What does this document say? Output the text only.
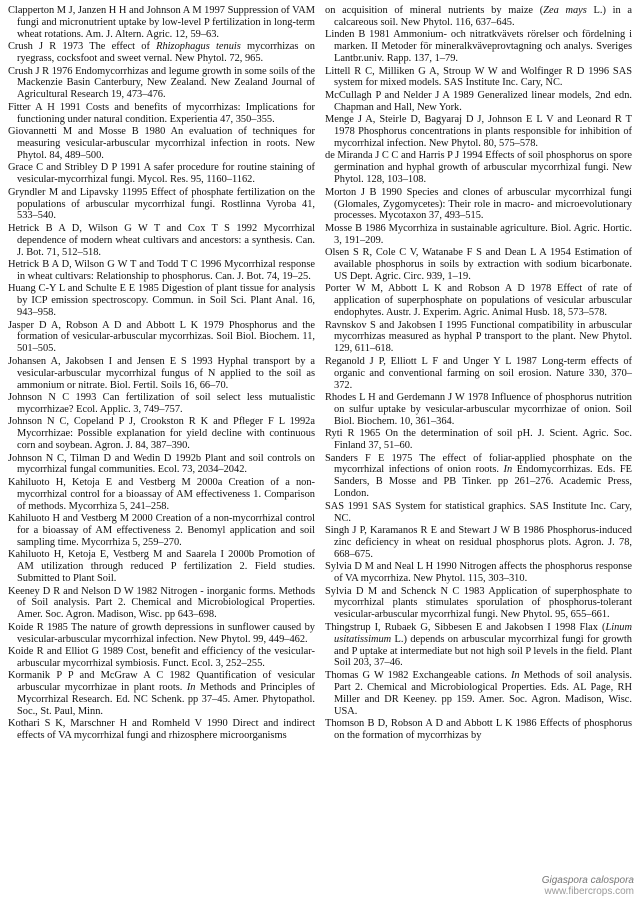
Clapperton M J, Janzen H H and Johnson A M 1997 Suppression of VAM fungi and micronutrient uptake by low-level P fertilization in long-term wheat rotations. Am. J. Altern. Agric. 12, 59–63.
Crush J R 1973 The effect of Rhizophagus tenuis mycorrhizas on ryegrass, cocksfoot and sweet vernal. New Phytol. 72, 965.
Crush J R 1976 Endomycorrhizas and legume growth in some soils of the Mackenzie Basin Canterbury, New Zealand. New Zealand Journal of Agricultural Research 19, 473–476.
Fitter A H 1991 Costs and benefits of mycorrhizas: Implications for functioning under natural condition. Experientia 47, 350–355.
Giovannetti M and Mosse B 1980 An evaluation of techniques for measuring vesicular-arbuscular mycorrhizal infection in roots. New Phytol. 84, 489–500.
Grace C and Stribley D P 1991 A safer procedure for routine staining of vesicular-mycorrhizal fungi. Mycol. Res. 95, 1160–1162.
Gryndler M and Lipavsky 11995 Effect of phosphate fertilization on the populations of arbuscular mycorrhizal fungi. Rostlinna Vyroba 41, 533–540.
Hetrick B A D, Wilson G W T and Cox T S 1992 Mycorrhizal dependence of modern wheat cultivars and ancestors: a synthesis. Can. J. Bot. 71, 512–518.
Hetrick B A D, Wilson G W T and Todd T C 1996 Mycorrhizal response in wheat cultivars: Relationship to phosphorus. Can. J. Bot. 74, 19–25.
Huang C-Y L and Schulte E E 1985 Digestion of plant tissue for analysis by ICP emission spectroscopy. Commun. in Soil Sci. Plant Anal. 16, 943–958.
Jasper D A, Robson A D and Abbott L K 1979 Phosphorus and the formation of vesicular-arbuscular mycorrhizas. Soil Biol. Biochem. 11, 501–505.
Johansen A, Jakobsen I and Jensen E S 1993 Hyphal transport by a vesicular-arbuscular mycorrhizal fungus of N applied to the soil as ammonium or nitrate. Biol. Fertil. Soils 16, 66–70.
Johnson N C 1993 Can fertilization of soil select less mutualistic mycorrhizae? Ecol. Applic. 3, 749–757.
Johnson N C, Copeland P J, Crookston R K and Pfleger F L 1992a Mycorrhizae: Possible explanation for yield decline with continuous corn and soybean. Agron. J. 84, 387–390.
Johnson N C, Tilman D and Wedin D 1992b Plant and soil controls on mycorrhizal fungal communities. Ecol. 73, 2034–2042.
Kahiluoto H, Ketoja E and Vestberg M 2000a Creation of a non-mycorrhizal control for a bioassay of AM effectiveness 1. Comparison of methods. Mycorrhiza 5, 241–258.
Kahiluoto H and Vestberg M 2000 Creation of a non-mycorrhizal control for a bioassay of AM effectiveness 2. Benomyl application and soil sampling time. Mycorrhiza 5, 259–270.
Kahiluoto H, Ketoja E, Vestberg M and Saarela I 2000b Promotion of AM utilization through reduced P fertilization 2. Field studies. Submitted to Plant Soil.
Keeney D R and Nelson D W 1982 Nitrogen - inorganic forms. Methods of Soil analysis. Part 2. Chemical and Microbiological Properties. Amer. Soc. Agron. Madison, Wisc. pp 643–698.
Koide R 1985 The nature of growth depressions in sunflower caused by vesicular-arbuscular mycorrhizal infection. New Phytol. 99, 449–462.
Koide R and Elliot G 1989 Cost, benefit and efficiency of the vesicular-arbuscular mycorrhizal symbiosis. Funct. Ecol. 3, 252–255.
Kormanik P P and McGraw A C 1982 Quantification of vesicular arbuscular mycorrhizae in plant roots. In Methods and Principles of Mycorrhizal Research. Ed. NC Schenk. pp 37–45. Amer. Phytopathol. Soc., St. Paul, Minn.
Kothari S K, Marschner H and Romheld V 1990 Direct and indirect effects of VA mycorrhizal fungi and rhizosphere microorganisms
on acquisition of mineral nutrients by maize (Zea mays L.) in a calcareous soil. New Phytol. 116, 637–645.
Linden B 1981 Ammonium- och nitratkvävets rörelser och fördelning i marken. II Metoder för mineralkväveprovtagning och analys. Sveriges Lantbr.univ. Rapp. 137, 1–79.
Littell R C, Milliken G A, Stroup W W and Wolfinger R D 1996 SAS system for mixed models. SAS Institute Inc. Cary, NC.
McCullagh P and Nelder J A 1989 Generalized linear models, 2nd edn. Chapman and Hall, New York.
Menge J A, Steirle D, Bagyaraj D J, Johnson E L V and Leonard R T 1978 Phosphorus concentrations in plants responsible for inhibition of mycorrhizal infection. New Phytol. 80, 575–578.
de Miranda J C C and Harris P J 1994 Effects of soil phosphorus on spore germination and hyphal growth of arbuscular mycorrhizal fungi. New Phytol. 128, 103–108.
Morton J B 1990 Species and clones of arbuscular mycorrhizal fungi (Glomales, Zygomycetes): Their role in macro- and microevolutionary processes. Mycotaxon 37, 493–515.
Mosse B 1986 Mycorrhiza in sustainable agriculture. Biol. Agric. Hortic. 3, 191–209.
Olsen S R, Cole C V, Watanabe F S and Dean L A 1954 Estimation of available phosphorus in soils by extraction with sodium bicarbonate. US Dept. Agric. Circ. 939, 1–19.
Porter W M, Abbott L K and Robson A D 1978 Effect of rate of application of superphosphate on populations of vesicular arbuscular endophytes. Austr. J. Experim. Agric. Animal Husb. 18, 573–578.
Ravnskov S and Jakobsen I 1995 Functional compatibility in arbuscular mycorrhizas measured as hyphal P transport to the plant. New Phytol. 129, 611–618.
Reganold J P, Elliott L F and Unger Y L 1987 Long-term effects of organic and conventional farming on soil erosion. Nature 330, 370–372.
Rhodes L H and Gerdemann J W 1978 Influence of phosphorus nutrition on sulfur uptake by vesicular-arbuscular mycorrhizae of onion. Soil Biol. Biochem. 10, 361–364.
Ryti R 1965 On the determination of soil pH. J. Scient. Agric. Soc. Finland 37, 51–60.
Sanders F E 1975 The effect of foliar-applied phosphate on the mycorrhizal infections of onion roots. In Endomycorrhizas. Eds. FE Sanders, B Mosse and PB Tinker. pp 261–276. Academic Press, London.
SAS 1991 SAS System for statistical graphics. SAS Institute Inc. Cary, NC.
Singh J P, Karamanos R E and Stewart J W B 1986 Phosphorus-induced zinc deficiency in wheat on residual phosphorus plots. Agron. J. 78, 668–675.
Sylvia D M and Neal L H 1990 Nitrogen affects the phosphorus response of VA mycorrhiza. New Phytol. 115, 303–310.
Sylvia D M and Schenck N C 1983 Application of superphosphate to mycorrhizal plants stimulates sporulation of phosphorus-tolerant vesicular-arbuscular mycorrhizal fungi. New Phytol. 95, 655–661.
Thingstrup I, Rubaek G, Sibbesen E and Jakobsen I 1998 Flax (Linum usitatissimum L.) depends on arbuscular mycorrhizal fungi for growth and P uptake at intermediate but not high soil P levels in the field. Plant Soil 203, 37–46.
Thomas G W 1982 Exchangeable cations. In Methods of soil analysis. Part 2. Chemical and Microbiological Properties. Eds. AL Page, RH Miller and DR Keeney. pp 159. Amer. Soc. Agron. Madison, Wisc. USA.
Thomson B D, Robson A D and Abbott L K 1986 Effects of phosphorus on the formation of mycorrhizas by
Gigaspora calospora
www.fibercrops.com
